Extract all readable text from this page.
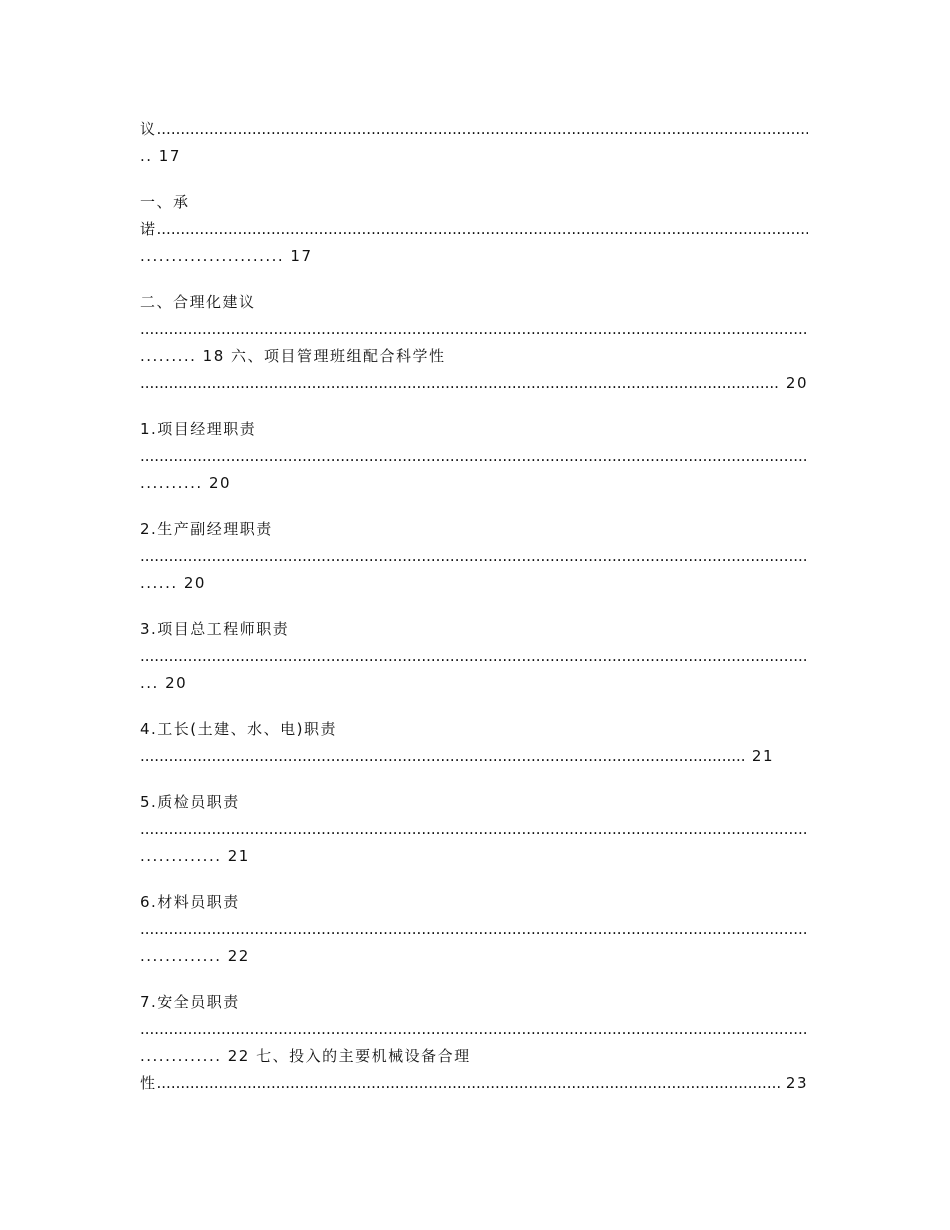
议
.....
.. 17
一、承
诺
.....
....................... 17
二、合理化建议
.....
......... 18 六、项目管理班组配合科学性
.....
20
1.项目经理职责
.....
.......... 20
2.生产副经理职责
.....
...... 20
3.项目总工程师职责
.....
... 20
4.工长(土建、水、电)职责
.....
21
5.质检员职责
.....
............. 21
6.材料员职责
.....
............. 22
7.安全员职责
.....
............. 22 七、投入的主要机械设备合理
性 .....	23
